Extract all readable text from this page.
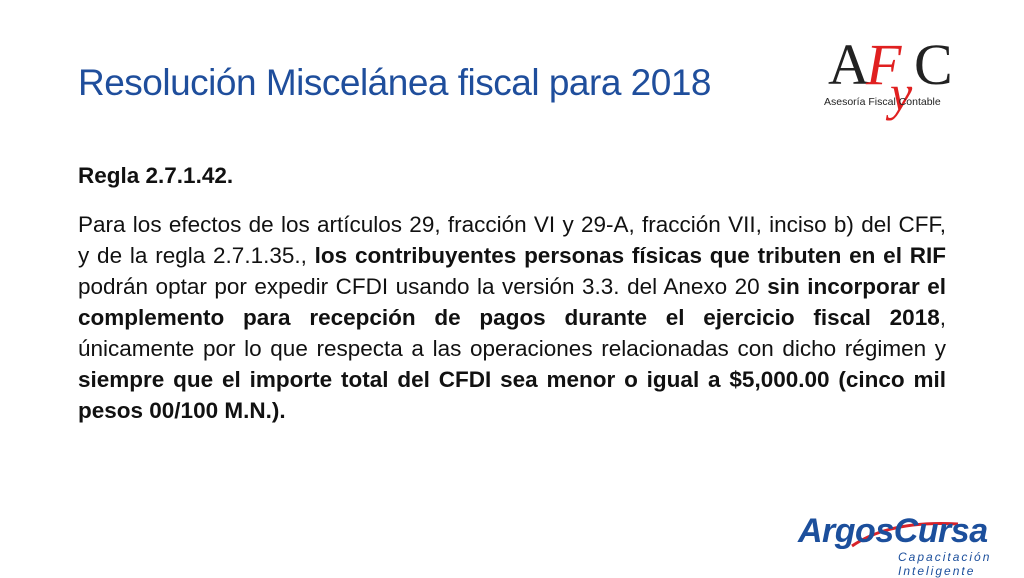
Resolución Miscelánea fiscal para 2018 A
F
y C
Asesoría Fiscal Contable
Regla 2.7.1.42.
Para los efectos de los artículos 29, fracción VI y 29-A, fracción VII, inciso b) del CFF, y de la regla 2.7.1.35., los contribuyentes personas físicas que tributen en el RIF podrán optar por expedir CFDI usando la versión 3.3. del Anexo 20 sin incorporar el complemento para recepción de pagos durante el ejercicio fiscal 2018, únicamente por lo que respecta a las operaciones relacionadas con dicho régimen y siempre que el importe total del CFDI sea menor o igual a $5,000.00 (cinco mil pesos 00/100 M.N.).
ArgosCursa
Capacitación
Inteligente
